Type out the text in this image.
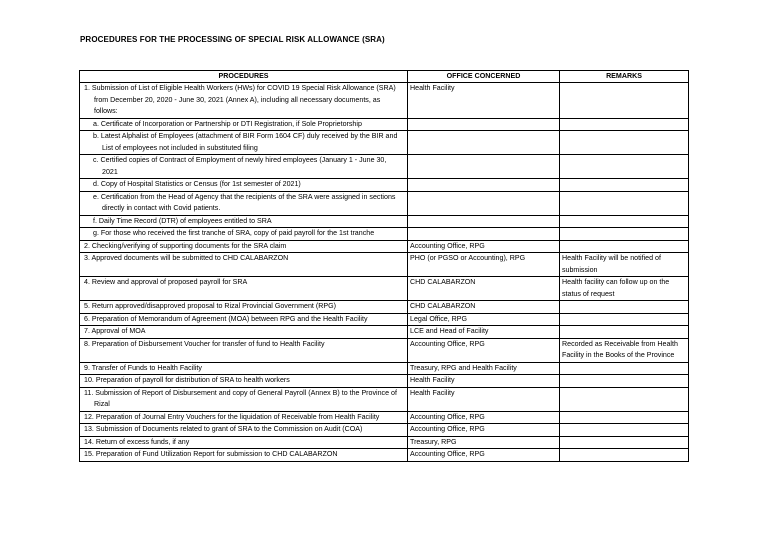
PROCEDURES FOR THE PROCESSING OF SPECIAL RISK ALLOWANCE (SRA)
PROCEDURES	OFFICE CONCERNED	REMARKS
1. Submission of List of Eligible Health Workers (HWs) for COVID 19 Special Risk Allowance (SRA) from December 20, 2020 - June 30, 2021 (Annex A), including all necessary documents, as follows:	Health Facility	
a. Certificate of Incorporation or Partnership or DTI Registration, if Sole Proprietorship		
b. Latest Alphalist of Employees (attachment of BIR Form 1604 CF) duly received by the BIR and List of employees not included in substituted filing		
c. Certified copies of Contract of Employment of newly hired employees (January 1 - June 30, 2021		
d. Copy of Hospital Statistics or Census (for 1st semester of 2021)		
e. Certification from the Head of Agency that the recipients of the SRA were assigned in sections directly in contact with Covid patients.		
f. Daily Time Record (DTR) of employees entitled to SRA		
g. For those who received the first tranche of SRA, copy of paid payroll for the 1st tranche		
2. Checking/verifying of supporting documents for the SRA claim	Accounting Office, RPG	
3. Approved documents will be submitted to CHD CALABARZON	PHO (or PGSO or Accounting), RPG	Health Facility will be notified of submission
4. Review and approval of proposed payroll for SRA	CHD CALABARZON	Health facility can follow up on the status of request
5. Return approved/disapproved proposal to Rizal Provincial Government (RPG)	CHD CALABARZON	
6. Preparation of Memorandum of Agreement (MOA) between RPG and the Health Facility	Legal Office, RPG	
7. Approval of MOA	LCE and Head of Facility	
8. Preparation of Disbursement Voucher for transfer of fund to Health Facility	Accounting Office, RPG	Recorded as Receivable from Health Facility in the Books of the Province
9. Transfer of Funds to Health Facility	Treasury, RPG and Health Facility	
10. Preparation of payroll for distribution of SRA to health workers	Health Facility	
11. Submission of Report of Disbursement and copy of General Payroll (Annex B) to the Province of Rizal	Health Facility	
12. Preparation of Journal Entry Vouchers for the liquidation of Receivable from Health Facility	Accounting Office, RPG	
13. Submission of Documents related to grant of SRA to the Commission on Audit (COA)	Accounting Office, RPG	
14. Return of excess funds, if any	Treasury, RPG	
15. Preparation of Fund Utilization Report for submission to CHD CALABARZON	Accounting Office, RPG	
